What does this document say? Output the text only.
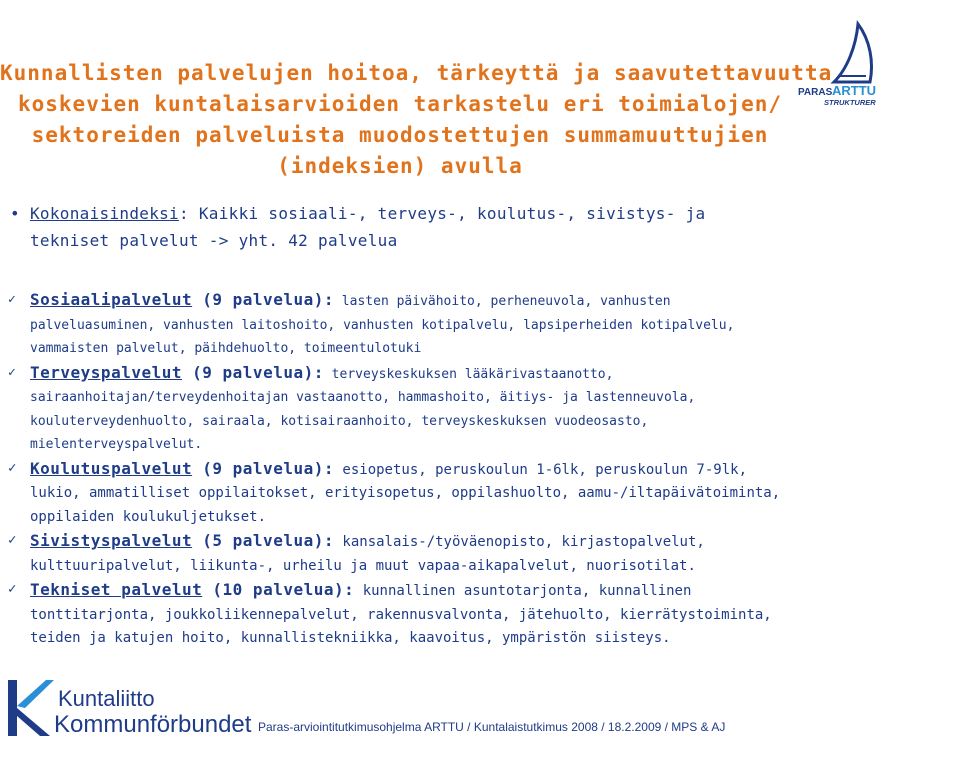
Kunnallisten palvelujen hoitoa, tärkeyttä ja saavutettavuutta
koskevien kuntalaisarvioiden tarkastelu eri toimialojen/
sektoreiden palveluista muodostettujen summamuuttujien
(indeksien) avulla
PARAS ARTTU
STRUKTURER
• Kokonaisindeksi: Kaikki sosiaali-, terveys-, koulutus-, sivistys- ja
tekniset palvelut -> yht. 42 palvelua
✓ Sosiaalipalvelut (9 palvelua): lasten päivähoito, perheneuvola, vanhusten
palveluasuminen, vanhusten laitoshoito, vanhusten kotipalvelu, lapsiperheiden kotipalvelu,
vammaisten palvelut, päihdehuolto, toimeentulotuki
✓ Terveyspalvelut (9 palvelua): terveyskeskuksen lääkärivastaanotto,
sairaanhoitajan/terveydenhoitajan vastaanotto, hammashoito, äitiys- ja lastenneuvola,
kouluterveydenhuolto, sairaala, kotisairaanhoito, terveyskeskuksen vuodeosasto,
mielenterveyspalvelut.
✓ Koulutuspalvelut (9 palvelua): esiopetus, peruskoulun 1-6lk, peruskoulun 7-9lk,
lukio, ammatilliset oppilaitokset, erityisopetus, oppilashuolto, aamu-/iltapäivätoiminta,
oppilaiden koulukuljetukset.
✓ Sivistyspalvelut (5 palvelua): kansalais-/työväenopisto, kirjastopalvelut,
kulttuuripalvelut, liikunta-, urheilu ja muut vapaa-aikapalvelut, nuorisotilat.
✓ Tekniset palvelut (10 palvelua): kunnallinen asuntotarjonta, kunnallinen
tonttitarjonta, joukkoliikennepalvelut, rakennusvalvonta, jätehuolto, kierrätystoiminta,
teiden ja katujen hoito, kunnallistekniikka, kaavoitus, ympäristön siisteys.
Kuntaliitto
Kommunförbundet Paras-arviointitutkimusohjelma ARTTU / Kuntalaistutkimus 2008 / 18.2.2009 / MPS & AJ
